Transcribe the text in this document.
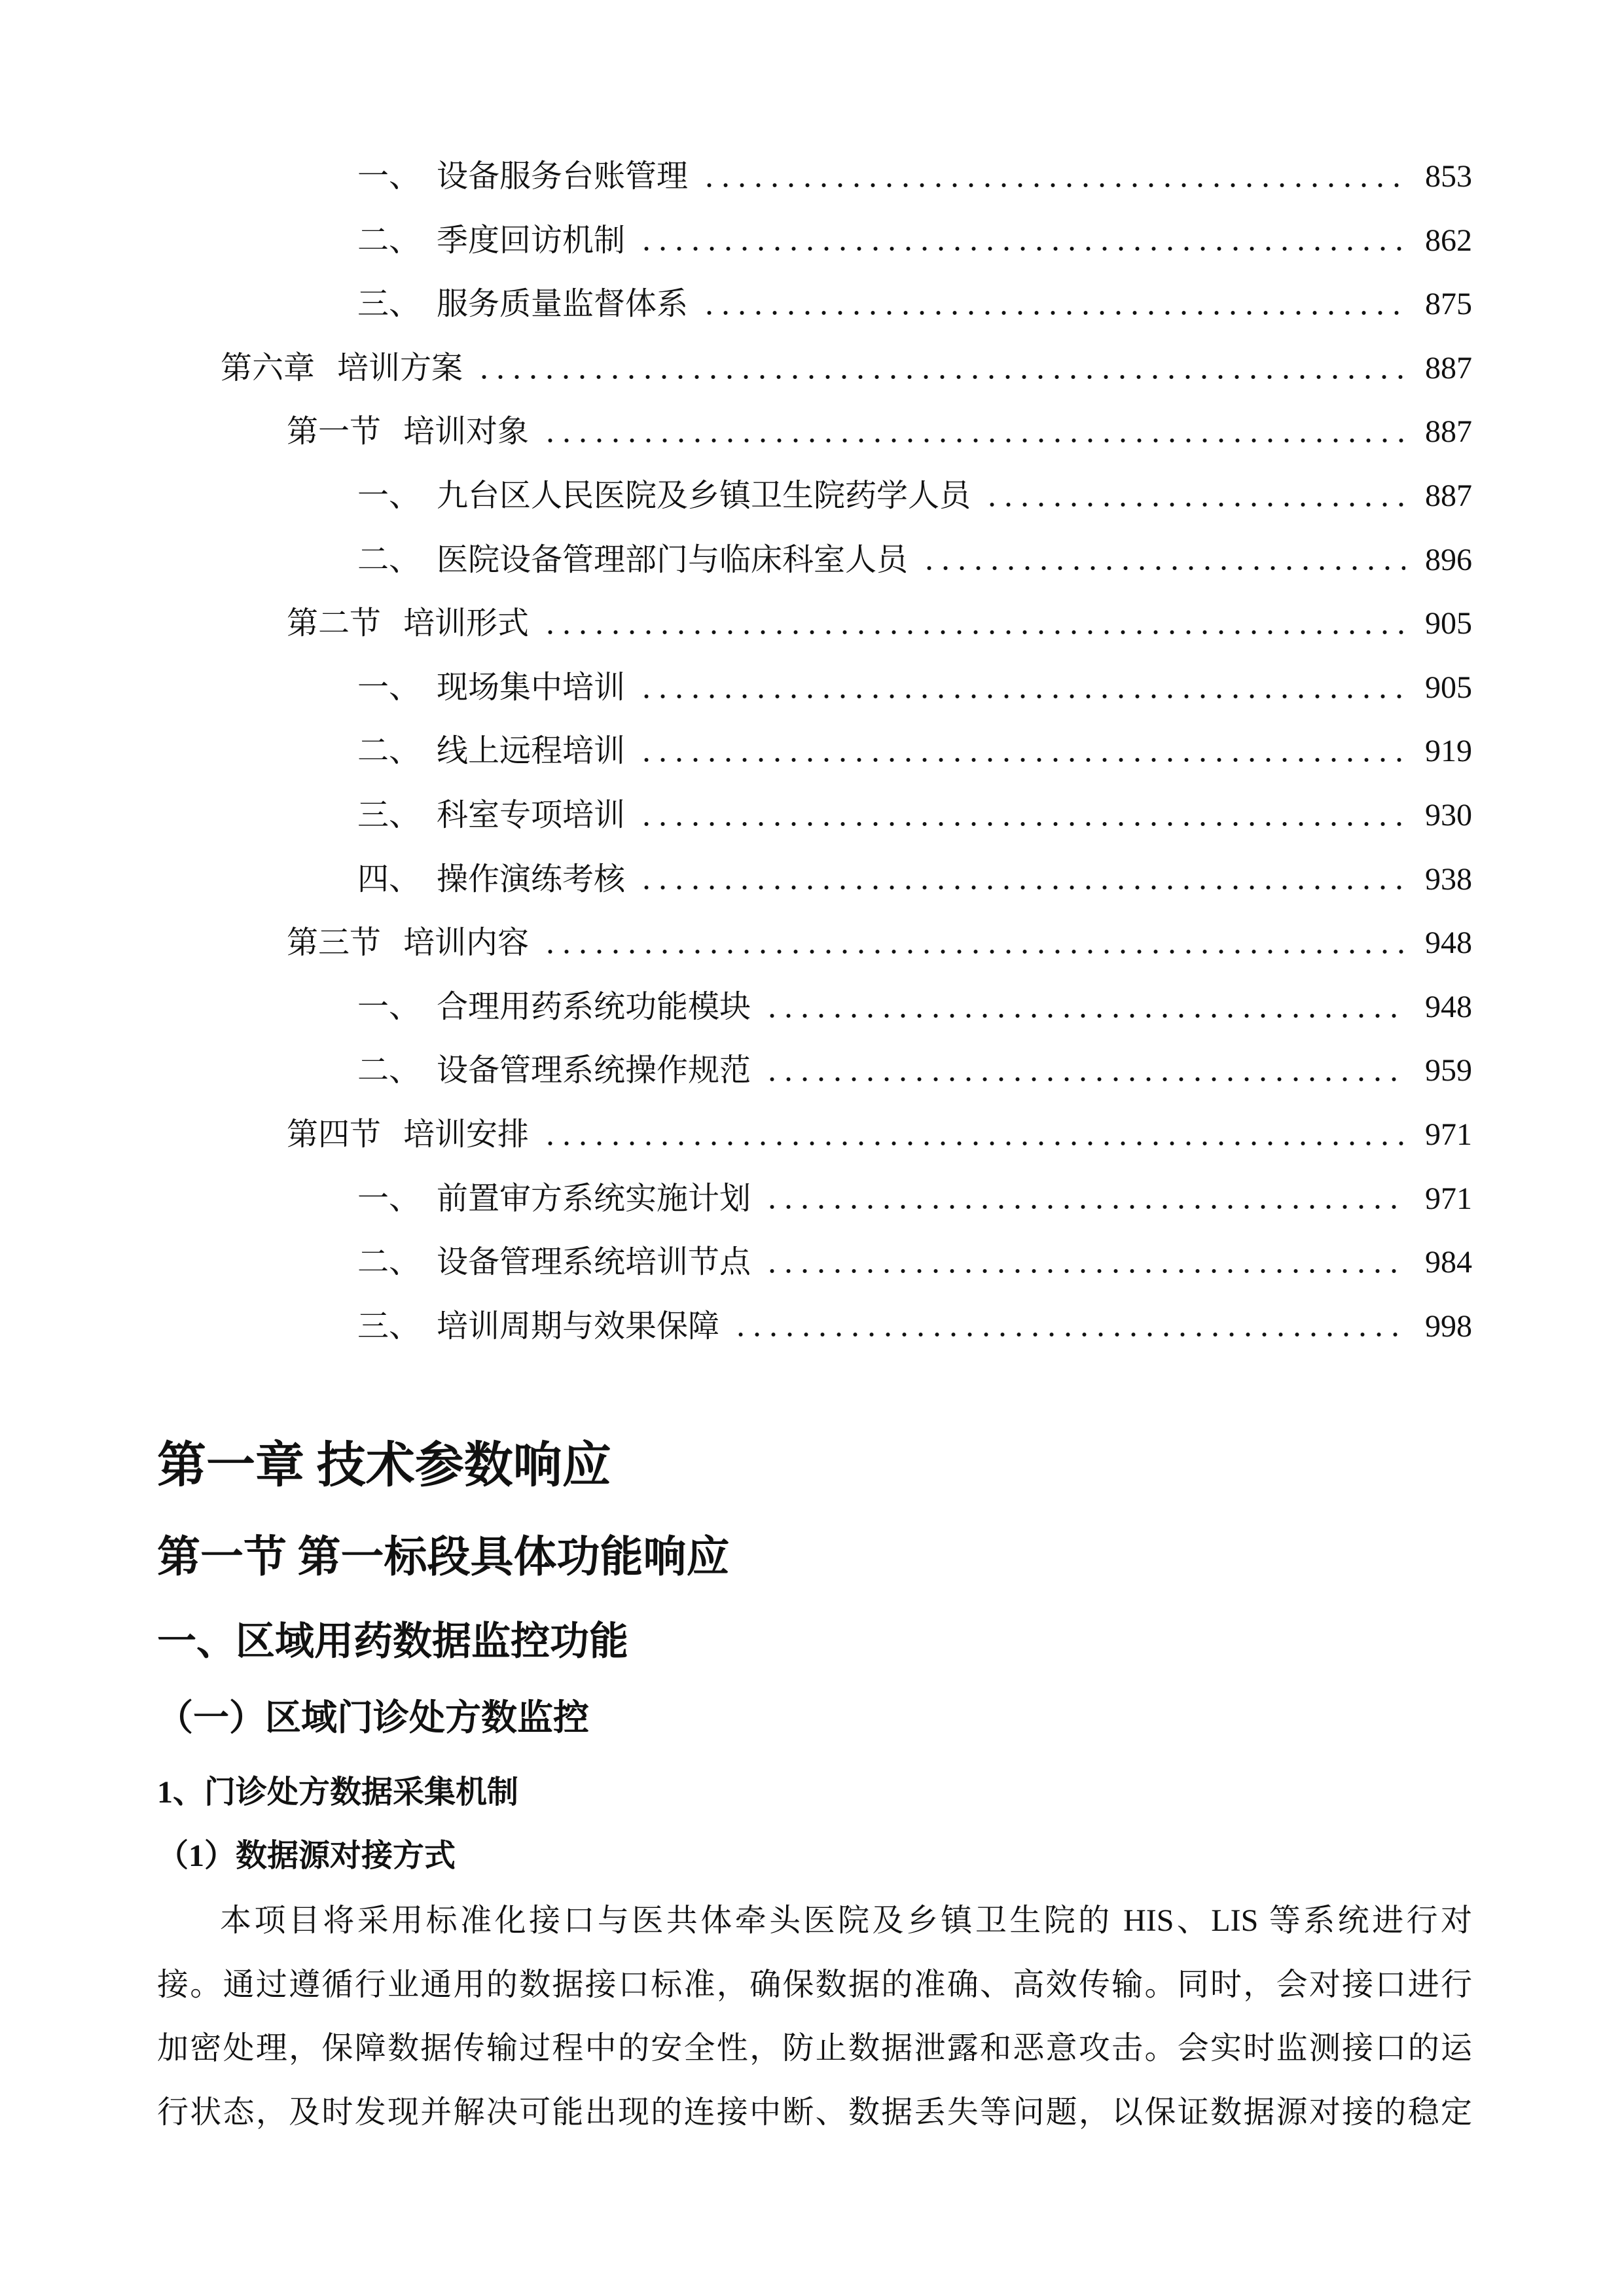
一、 设备服务台账管理	853
二、 季度回访机制	862
三、 服务质量监督体系	875
第六章 培训方案	887
第一节 培训对象	887
一、 九台区人民医院及乡镇卫生院药学人员	887
二、 医院设备管理部门与临床科室人员	896
第二节 培训形式	905
一、 现场集中培训	905
二、 线上远程培训	919
三、 科室专项培训	930
四、 操作演练考核	938
第三节 培训内容	948
一、 合理用药系统功能模块	948
二、 设备管理系统操作规范	959
第四节 培训安排	971
一、 前置审方系统实施计划	971
二、 设备管理系统培训节点	984
三、 培训周期与效果保障	998
第一章 技术参数响应
第一节 第一标段具体功能响应
一、区域用药数据监控功能
（一）区域门诊处方数监控
1、门诊处方数据采集机制
（1）数据源对接方式
本项目将采用标准化接口与医共体牵头医院及乡镇卫生院的 HIS、LIS 等系统进行对
接。通过遵循行业通用的数据接口标准，确保数据的准确、高效传输。同时，会对接口进行
加密处理，保障数据传输过程中的安全性，防止数据泄露和恶意攻击。会实时监测接口的运
行状态，及时发现并解决可能出现的连接中断、数据丢失等问题，以保证数据源对接的稳定
